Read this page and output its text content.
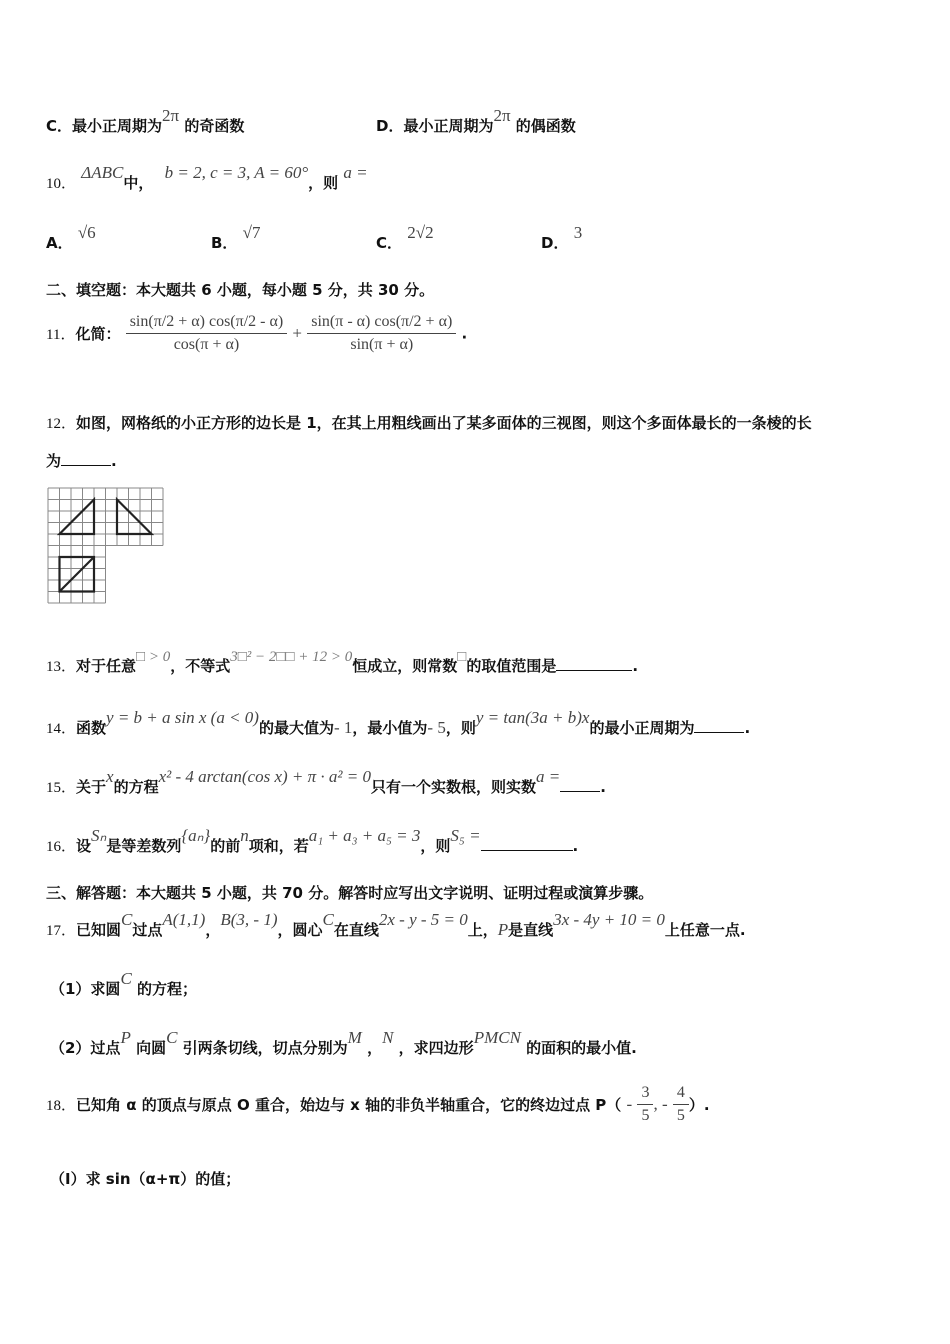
C．最小正周期为2π 的奇函数	D．最小正周期为2π 的偶函数
10． ΔABC中， b = 2, c = 3, A = 60°，则 a =
A． √6
B． √7
C． 2√2
D． 3
二、填空题：本大题共 6 小题，每小题 5 分，共 30 分。
11．化简： $\frac{\sin(\pi/2 + \alpha) \cos(\pi/2 - \alpha)}{\cos(\pi + \alpha)} + \frac{\sin(\pi - \alpha) \cos(\pi/2 + \alpha)}{\sin(\pi + \alpha)}$ .
12．如图，网格纸的小正方形的边长是 1，在其上用粗线画出了某多面体的三视图，则这个多面体最长的一条棱的长
为	.
13．对于任意□ > 0，不等式3□² − 2□□ + 12 > 0恒成立，则常数□的取值范围是	.
14．函数y = b + a sin x (a < 0)的最大值为- 1，最小值为- 5，则y = tan(3a + b)x的最小正周期为	.
15．关于x的方程x² - 4 arctan(cos x) + π · a² = 0只有一个实数根，则实数a =.
16．设Sₙ是等差数列{aₙ}的前n项和，若a₁ + a₃ + a₅ = 3，则S₅ =.
三、解答题：本大题共 5 小题，共 70 分。解答时应写出文字说明、证明过程或演算步骤。
17．已知圆C过点A(1,1)，B(3, - 1)，圆心C在直线2x - y - 5 = 0上，P是直线3x - 4y + 10 = 0上任意一点.
（1）求圆C 的方程；
（2）过点P 向圆C 引两条切线，切点分别为M ，N ，求四边形PMCN 的面积的最小值.
18．已知角 α 的顶点与原点 O 重合，始边与 x 轴的非负半轴重合，它的终边过点 $P( - \frac{3}{5}$ , - $\frac{4}{5}$ ）.
（Ⅰ）求 sin（α+π）的值；
